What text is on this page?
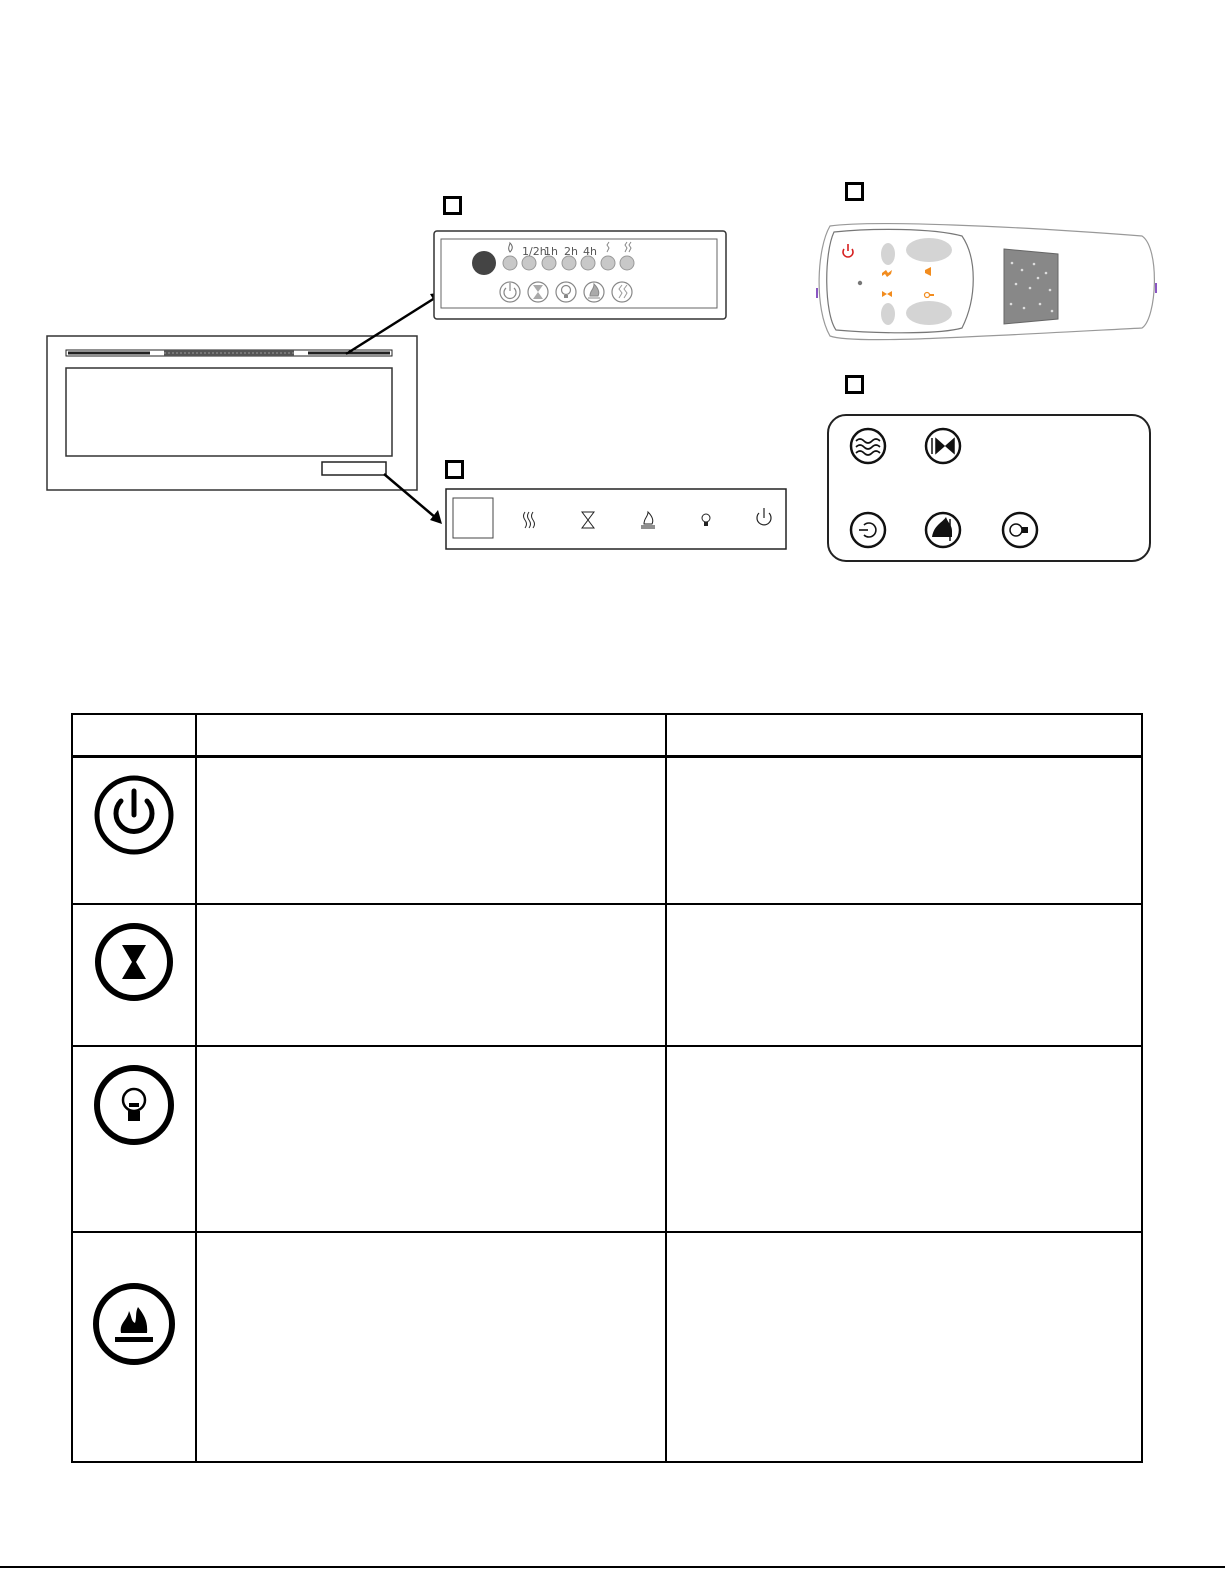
1/2h
1h 2h 4h
